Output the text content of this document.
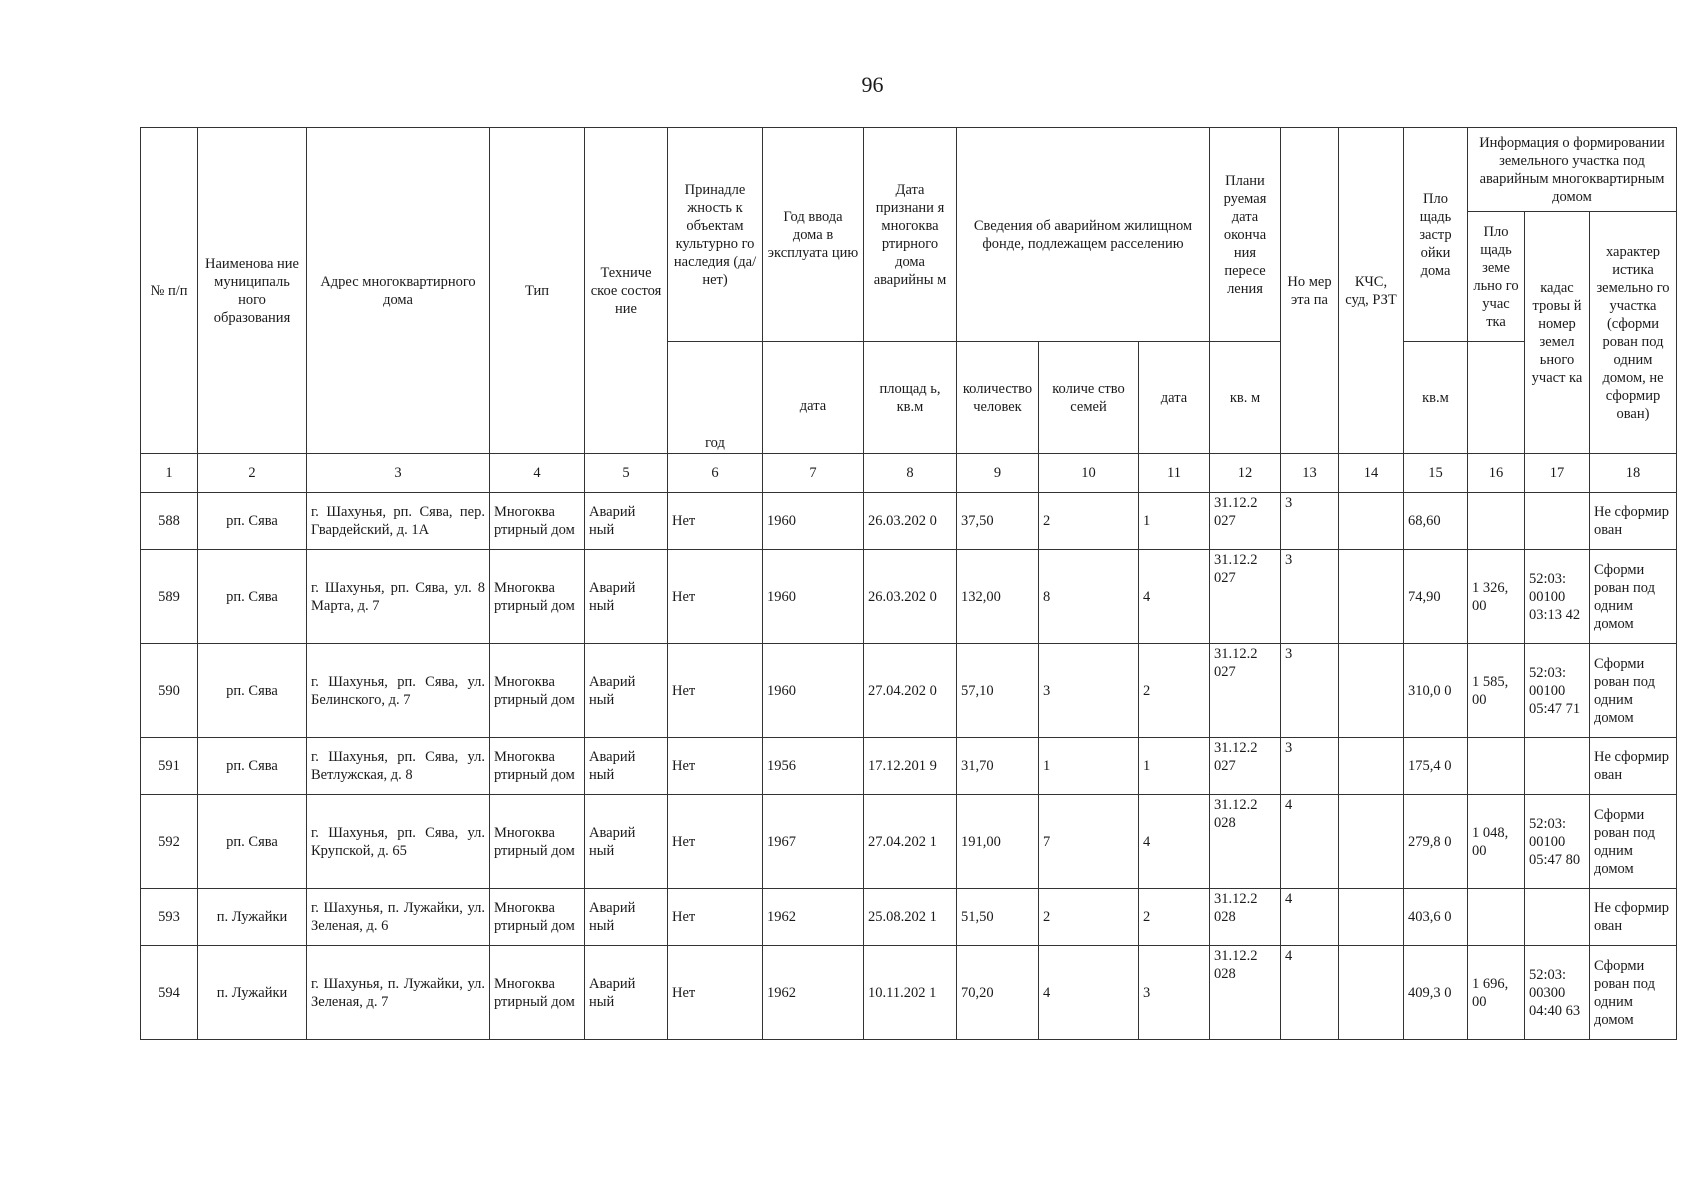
96
№ п/п	Наименова ние муниципаль ного образования	Адрес многоквартирного дома	Тип	Техниче ское состоя ние	Принадле жность к объектам культурно го наследия (да/нет)	Год ввода дома в эксплуата цию	Дата признани я многоква ртирного дома аварийны м	Сведения об аварийном жилищном фонде, подлежащем расселению			Плани руемая дата окончa ния пересе ления	Но мер эта па	КЧС, суд, РЗТ	Пло щадь застр ойки дома	Информация о формировании земельного участка под аварийным многоквартирным домом		
															Пло щадь земе льно го учас тка	кадас тровы й номер земел ьного участ ка	характер истика земельно го участка (сформи рован под одним домом, не сформир ован)
					год	дата	площад ь, кв.м	количество человек	количе ство семей	дата	кв. м			кв.м			
1	2	3	4	5	6	7	8	9	10	11	12	13	14	15	16	17	18
588	рп. Сява	г. Шахунья, рп. Сява, пер. Гвардейский, д. 1А	Многоква ртирный дом	Аварий ный	Нет	1960	26.03.202 0	37,50	2	1	31.12.2 027	3		68,60			Не сформир ован
589	рп. Сява	г. Шахунья, рп. Сява, ул. 8 Марта, д. 7	Многоква ртирный дом	Аварий ный	Нет	1960	26.03.202 0	132,00	8	4	31.12.2 027	3		74,90	1 326, 00	52:03: 00100 03:13 42	Сформи рован под одним домом
590	рп. Сява	г. Шахунья, рп. Сява, ул. Белинского, д. 7	Многоква ртирный дом	Аварий ный	Нет	1960	27.04.202 0	57,10	3	2	31.12.2 027	3		310,0 0	1 585, 00	52:03: 00100 05:47 71	Сформи рован под одним домом
591	рп. Сява	г. Шахунья, рп. Сява, ул. Ветлужская, д. 8	Многоква ртирный дом	Аварий ный	Нет	1956	17.12.201 9	31,70	1	1	31.12.2 027	3		175,4 0			Не сформир ован
592	рп. Сява	г. Шахунья, рп. Сява, ул. Крупской, д. 65	Многоква ртирный дом	Аварий ный	Нет	1967	27.04.202 1	191,00	7	4	31.12.2 028	4		279,8 0	1 048, 00	52:03: 00100 05:47 80	Сформи рован под одним домом
593	п. Лужайки	г. Шахунья, п. Лужайки, ул. Зеленая, д. 6	Многоква ртирный дом	Аварий ный	Нет	1962	25.08.202 1	51,50	2	2	31.12.2 028	4		403,6 0			Не сформир ован
594	п. Лужайки	г. Шахунья, п. Лужайки, ул. Зеленая, д. 7	Многоква ртирный дом	Аварий ный	Нет	1962	10.11.202 1	70,20	4	3	31.12.2 028	4		409,3 0	1 696, 00	52:03: 00300 04:40 63	Сформи рован под одним домом
